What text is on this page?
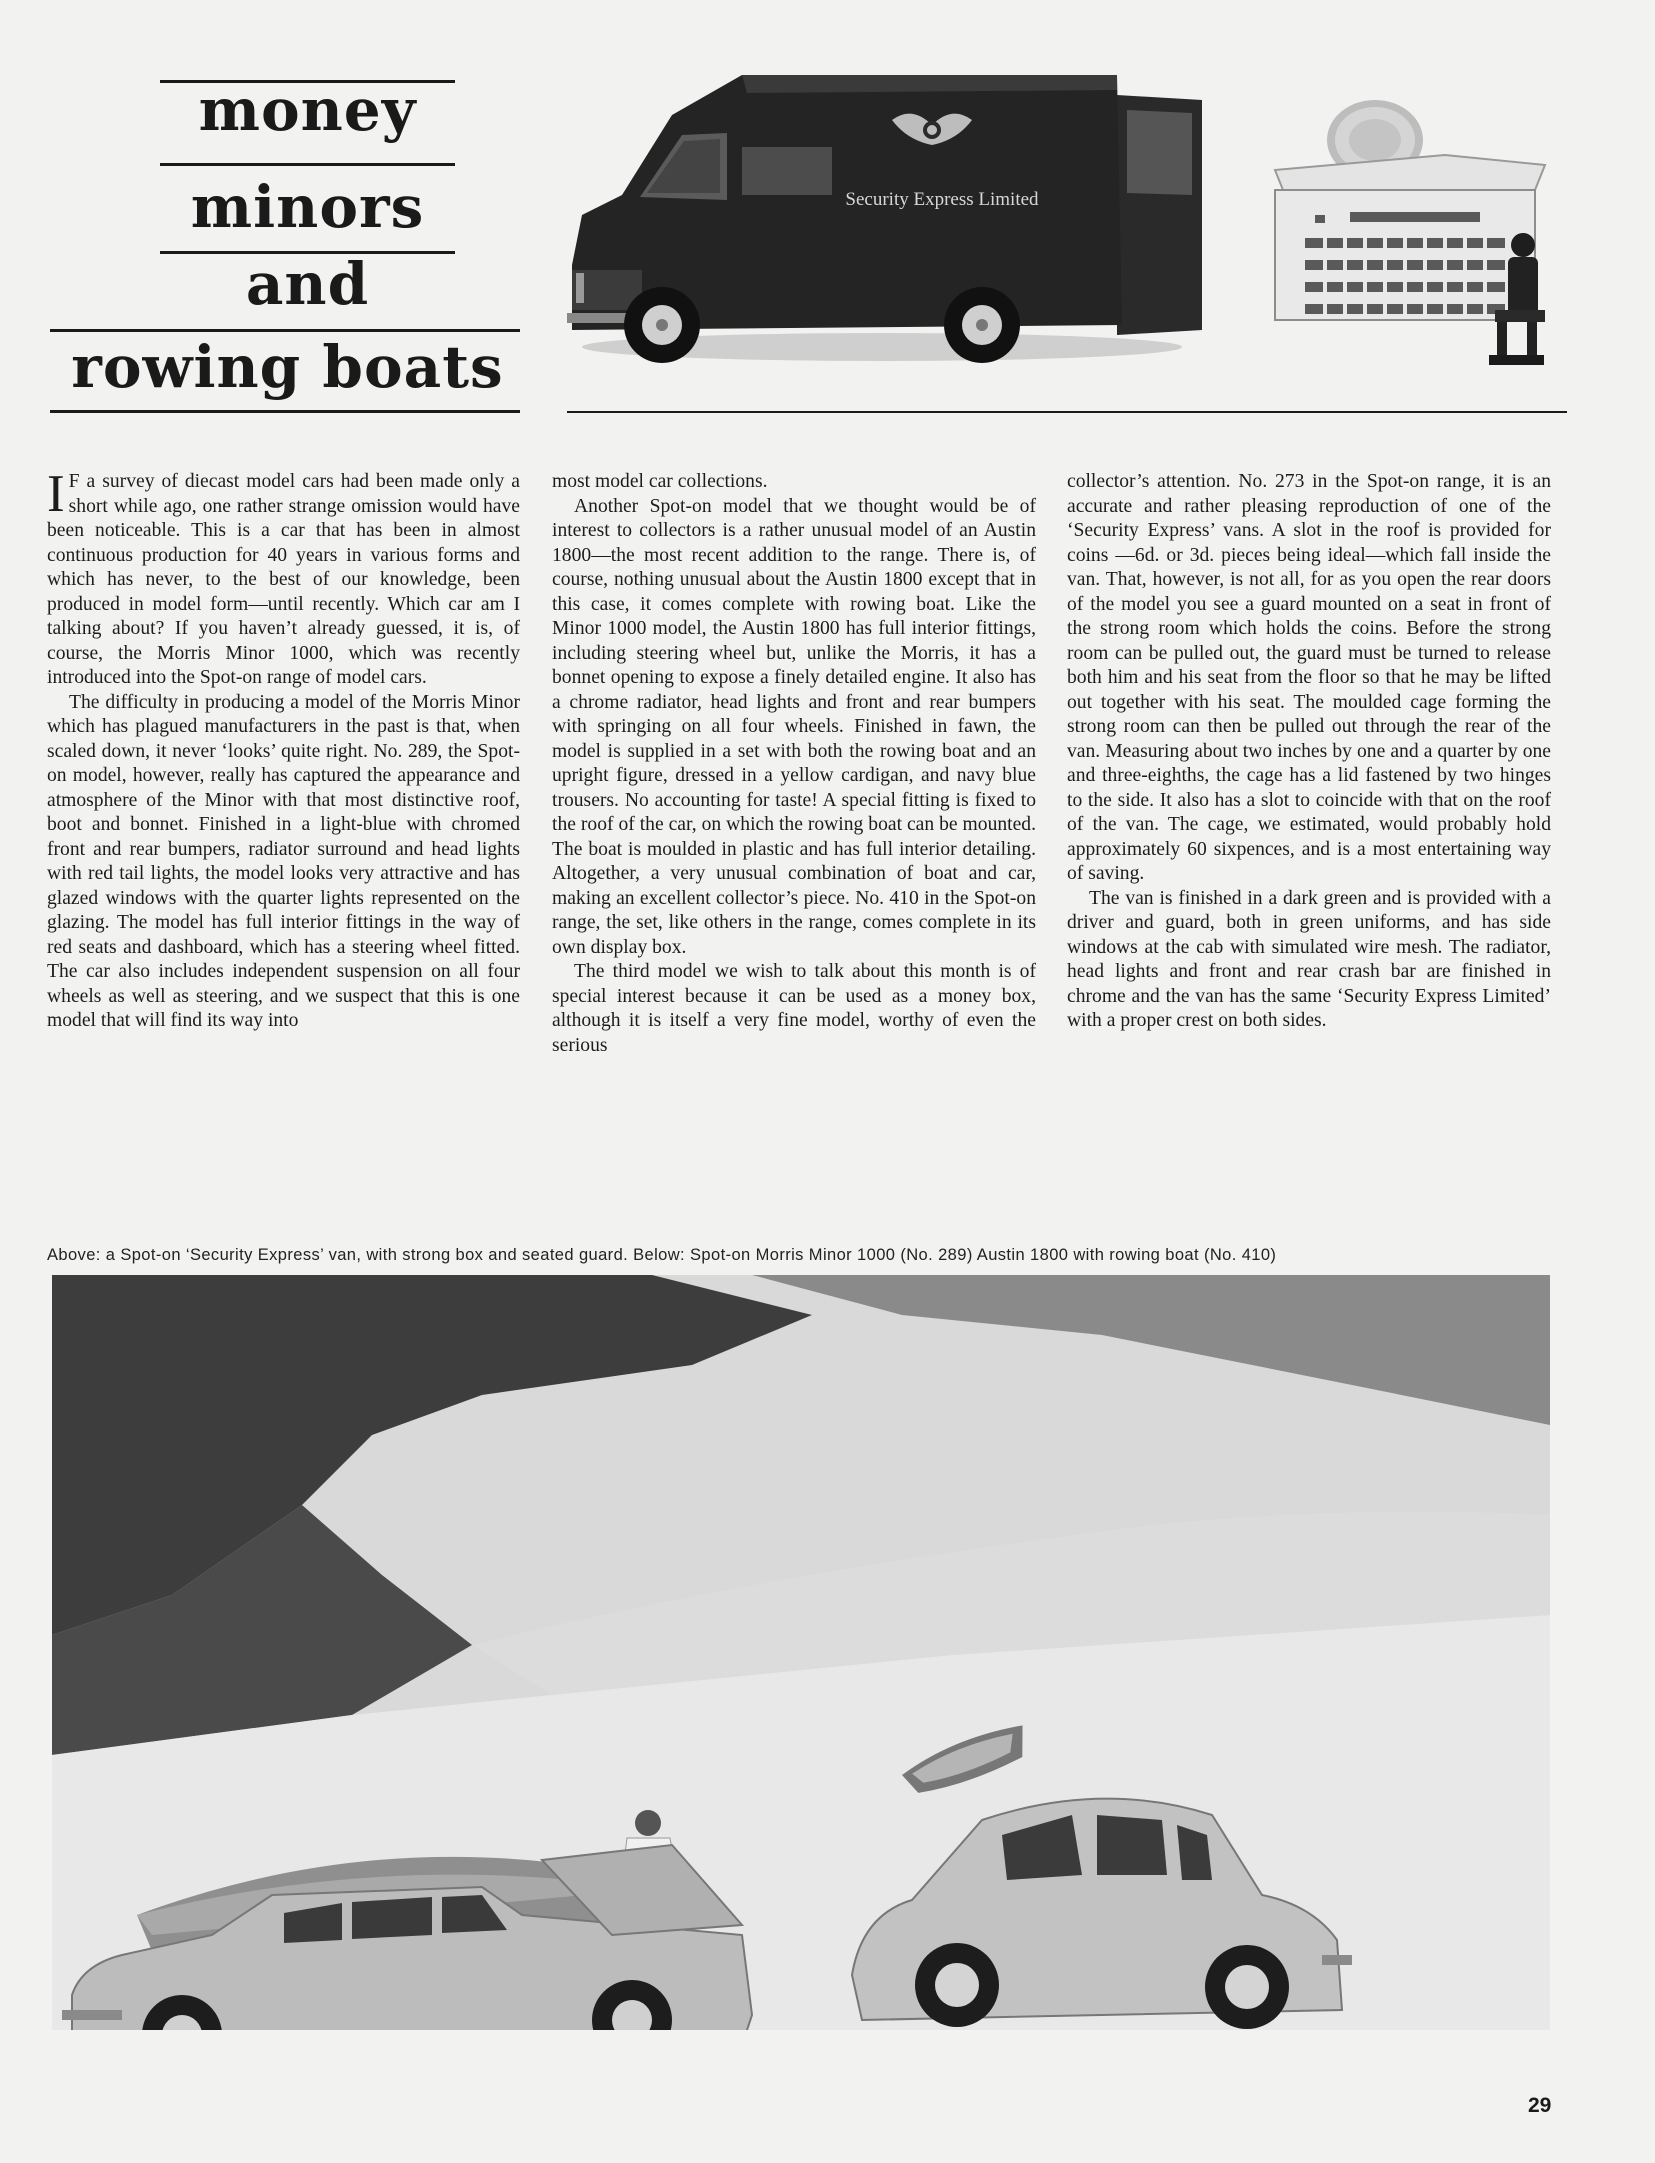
money
minors
and
rowing boats
Security Express Limited

I F a survey of diecast model cars had been made only a short while ago, one rather strange omission would have been noticeable. This is a car that has been in almost continuous production for 40 years in various forms and which has never, to the best of our knowledge, been produced in model form—until recently. Which car am I talking about? If you haven’t already guessed, it is, of course, the Morris Minor 1000, which was recently introduced into the Spot-on range of model cars.

The difficulty in producing a model of the Morris Minor which has plagued manufacturers in the past is that, when scaled down, it never ‘looks’ quite right. No. 289, the Spot-on model, however, really has captured the appearance and atmosphere of the Minor with that most distinctive roof, boot and bonnet. Finished in a light-blue with chromed front and rear bumpers, radiator surround and head lights with red tail lights, the model looks very attractive and has glazed windows with the quarter lights represented on the glazing. The model has full interior fittings in the way of red seats and dashboard, which has a steering wheel fitted. The car also includes independent suspension on all four wheels as well as steering, and we suspect that this is one model that will find its way into

most model car collections.

Another Spot-on model that we thought would be of interest to collectors is a rather unusual model of an Austin 1800—the most recent addition to the range. There is, of course, nothing unusual about the Austin 1800 except that in this case, it comes complete with rowing boat. Like the Minor 1000 model, the Austin 1800 has full interior fittings, including steering wheel but, unlike the Morris, it has a bonnet opening to expose a finely detailed engine. It also has a chrome radiator, head lights and front and rear bumpers with springing on all four wheels. Finished in fawn, the model is supplied in a set with both the rowing boat and an upright figure, dressed in a yellow cardigan, and navy blue trousers. No accounting for taste! A special fitting is fixed to the roof of the car, on which the rowing boat can be mounted. The boat is moulded in plastic and has full interior detailing. Altogether, a very unusual combination of boat and car, making an excellent collector’s piece. No. 410 in the Spot-on range, the set, like others in the range, comes complete in its own display box.

The third model we wish to talk about this month is of special interest because it can be used as a money box, although it is itself a very fine model, worthy of even the serious

collector’s attention. No. 273 in the Spot-on range, it is an accurate and rather pleasing reproduction of one of the ‘Security Express’ vans. A slot in the roof is provided for coins —6d. or 3d. pieces being ideal—which fall inside the van. That, however, is not all, for as you open the rear doors of the model you see a guard mounted on a seat in front of the strong room which holds the coins. Before the strong room can be pulled out, the guard must be turned to release both him and his seat from the floor so that he may be lifted out together with his seat. The moulded cage forming the strong room can then be pulled out through the rear of the van. Measuring about two inches by one and a quarter by one and three-eighths, the cage has a lid fastened by two hinges to the side. It also has a slot to coincide with that on the roof of the van. The cage, we estimated, would probably hold approximately 60 sixpences, and is a most entertaining way of saving.

The van is finished in a dark green and is provided with a driver and guard, both in green uniforms, and has side windows at the cab with simulated wire mesh. The radiator, head lights and front and rear crash bar are finished in chrome and the van has the same ‘Security Express Limited’ with a proper crest on both sides.

Above: a Spot-on ‘Security Express’ van, with strong box and seated guard. Below: Spot-on Morris Minor 1000 (No. 289) Austin 1800 with rowing boat (No. 410)
29
